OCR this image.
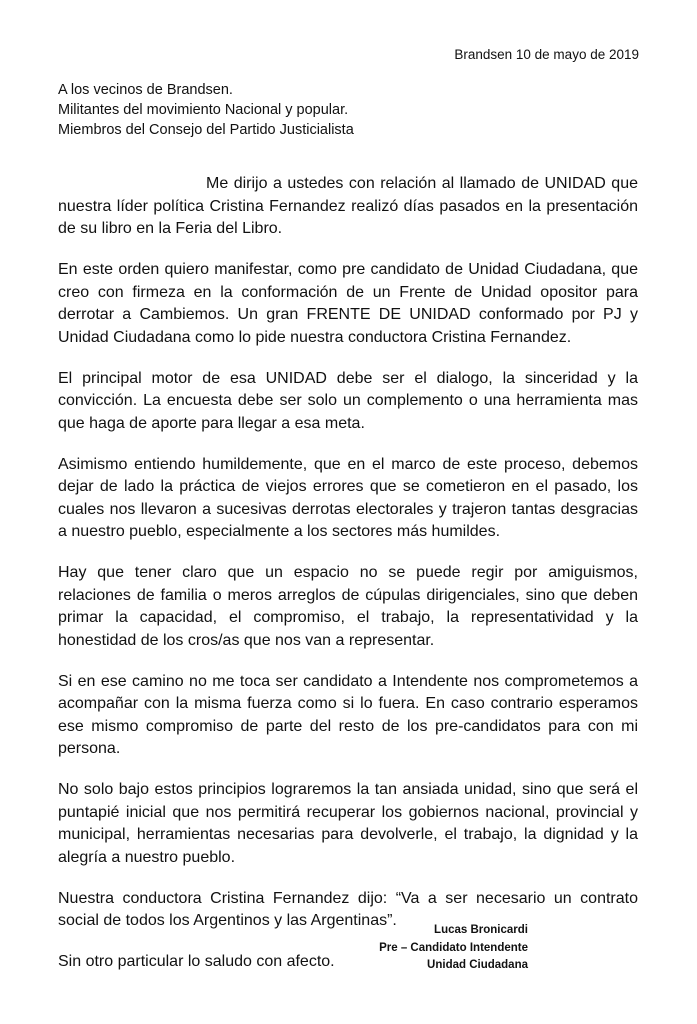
Brandsen 10 de mayo de 2019
A los vecinos de Brandsen.
Militantes del movimiento Nacional y popular.
Miembros del Consejo del Partido Justicialista

Me dirijo a ustedes con relación al llamado de UNIDAD que nuestra líder política Cristina Fernandez realizó días pasados en la presentación de su libro en la Feria del Libro.

En este orden quiero manifestar, como pre candidato de Unidad Ciudadana, que creo con firmeza en la conformación de un Frente de Unidad opositor para derrotar a Cambiemos. Un gran FRENTE DE UNIDAD conformado por PJ y Unidad Ciudadana como lo pide nuestra conductora Cristina Fernandez.

El principal motor de esa UNIDAD debe ser el dialogo, la sinceridad y la convicción. La encuesta debe ser solo un complemento o una herramienta mas que haga de aporte para llegar a esa meta.

Asimismo entiendo humildemente, que en el marco de este proceso, debemos dejar de lado la práctica de viejos errores que se cometieron en el pasado, los cuales nos llevaron a sucesivas derrotas electorales y trajeron tantas desgracias a nuestro pueblo, especialmente a los sectores más humildes.

Hay que tener claro que un espacio no se puede regir por amiguismos, relaciones de familia o meros arreglos de cúpulas dirigenciales, sino que deben primar la capacidad, el compromiso, el trabajo, la representatividad y la honestidad de los cros/as que nos van a representar.

Si en ese camino no me toca ser candidato a Intendente nos comprometemos a acompañar con la misma fuerza como si lo fuera. En caso contrario esperamos ese mismo compromiso de parte del resto de los pre-candidatos para con mi persona.

No solo bajo estos principios lograremos la tan ansiada unidad, sino que será el puntapié inicial que nos permitirá recuperar los gobiernos nacional, provincial y municipal, herramientas necesarias para devolverle, el trabajo, la dignidad y la alegría a nuestro pueblo.

Nuestra conductora Cristina Fernandez dijo: “Va a ser necesario un contrato social de todos los Argentinos y las Argentinas”.

Sin otro particular lo saludo con afecto.

Lucas Bronicardi
Pre – Candidato Intendente
Unidad Ciudadana
